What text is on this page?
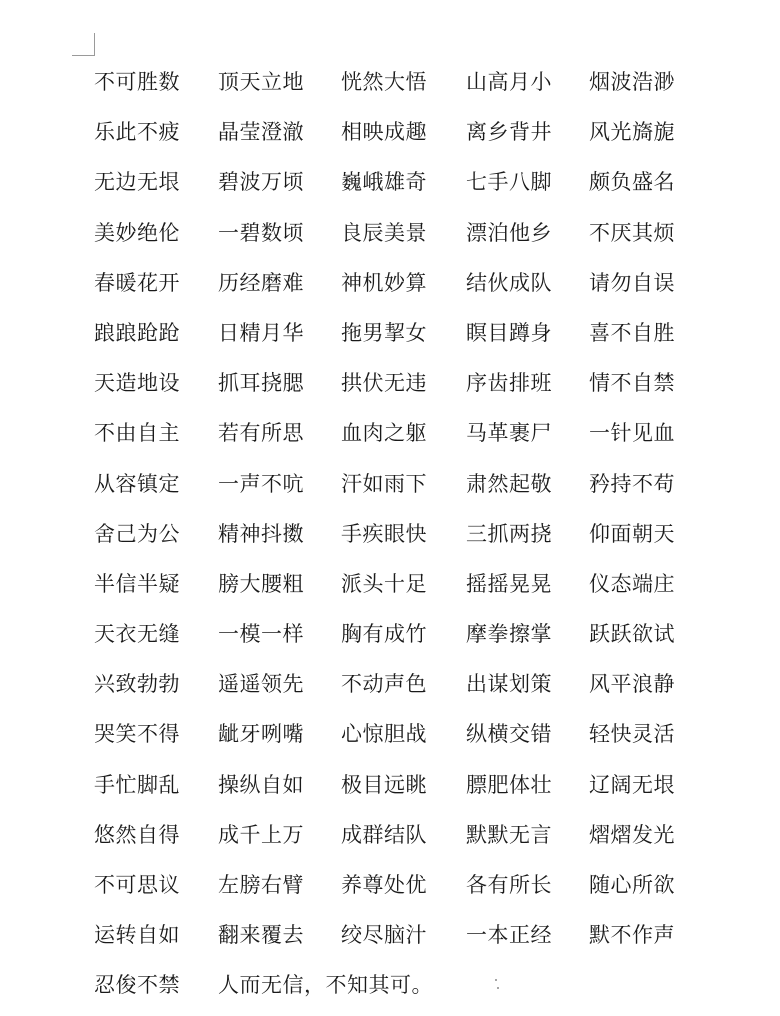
不可胜数 顶天立地 恍然大悟 山高月小 烟波浩渺
乐此不疲 晶莹澄澈 相映成趣 离乡背井 风光旖旎
无边无垠 碧波万顷 巍峨雄奇 七手八脚 颇负盛名
美妙绝伦 一碧数顷 良辰美景 漂泊他乡 不厌其烦
春暖花开 历经磨难 神机妙算 结伙成队 请勿自误
踉踉跄跄 日精月华 拖男挈女 瞑目蹲身 喜不自胜
天造地设 抓耳挠腮 拱伏无违 序齿排班 情不自禁
不由自主 若有所思 血肉之躯 马革裹尸 一针见血
从容镇定 一声不吭 汗如雨下 肃然起敬 矜持不苟
舍己为公 精神抖擞 手疾眼快 三抓两挠 仰面朝天
半信半疑 膀大腰粗 派头十足 摇摇晃晃 仪态端庄
天衣无缝 一模一样 胸有成竹 摩拳擦掌 跃跃欲试
兴致勃勃 遥遥领先 不动声色 出谋划策 风平浪静
哭笑不得 龇牙咧嘴 心惊胆战 纵横交错 轻快灵活
手忙脚乱 操纵自如 极目远眺 膘肥体壮 辽阔无垠
悠然自得 成千上万 成群结队 默默无言 熠熠发光
不可思议 左膀右臂 养尊处优 各有所长 随心所欲
运转自如 翻来覆去 绞尽脑汁 一本正经 默不作声
忍俊不禁 人而无信，不知其可。
